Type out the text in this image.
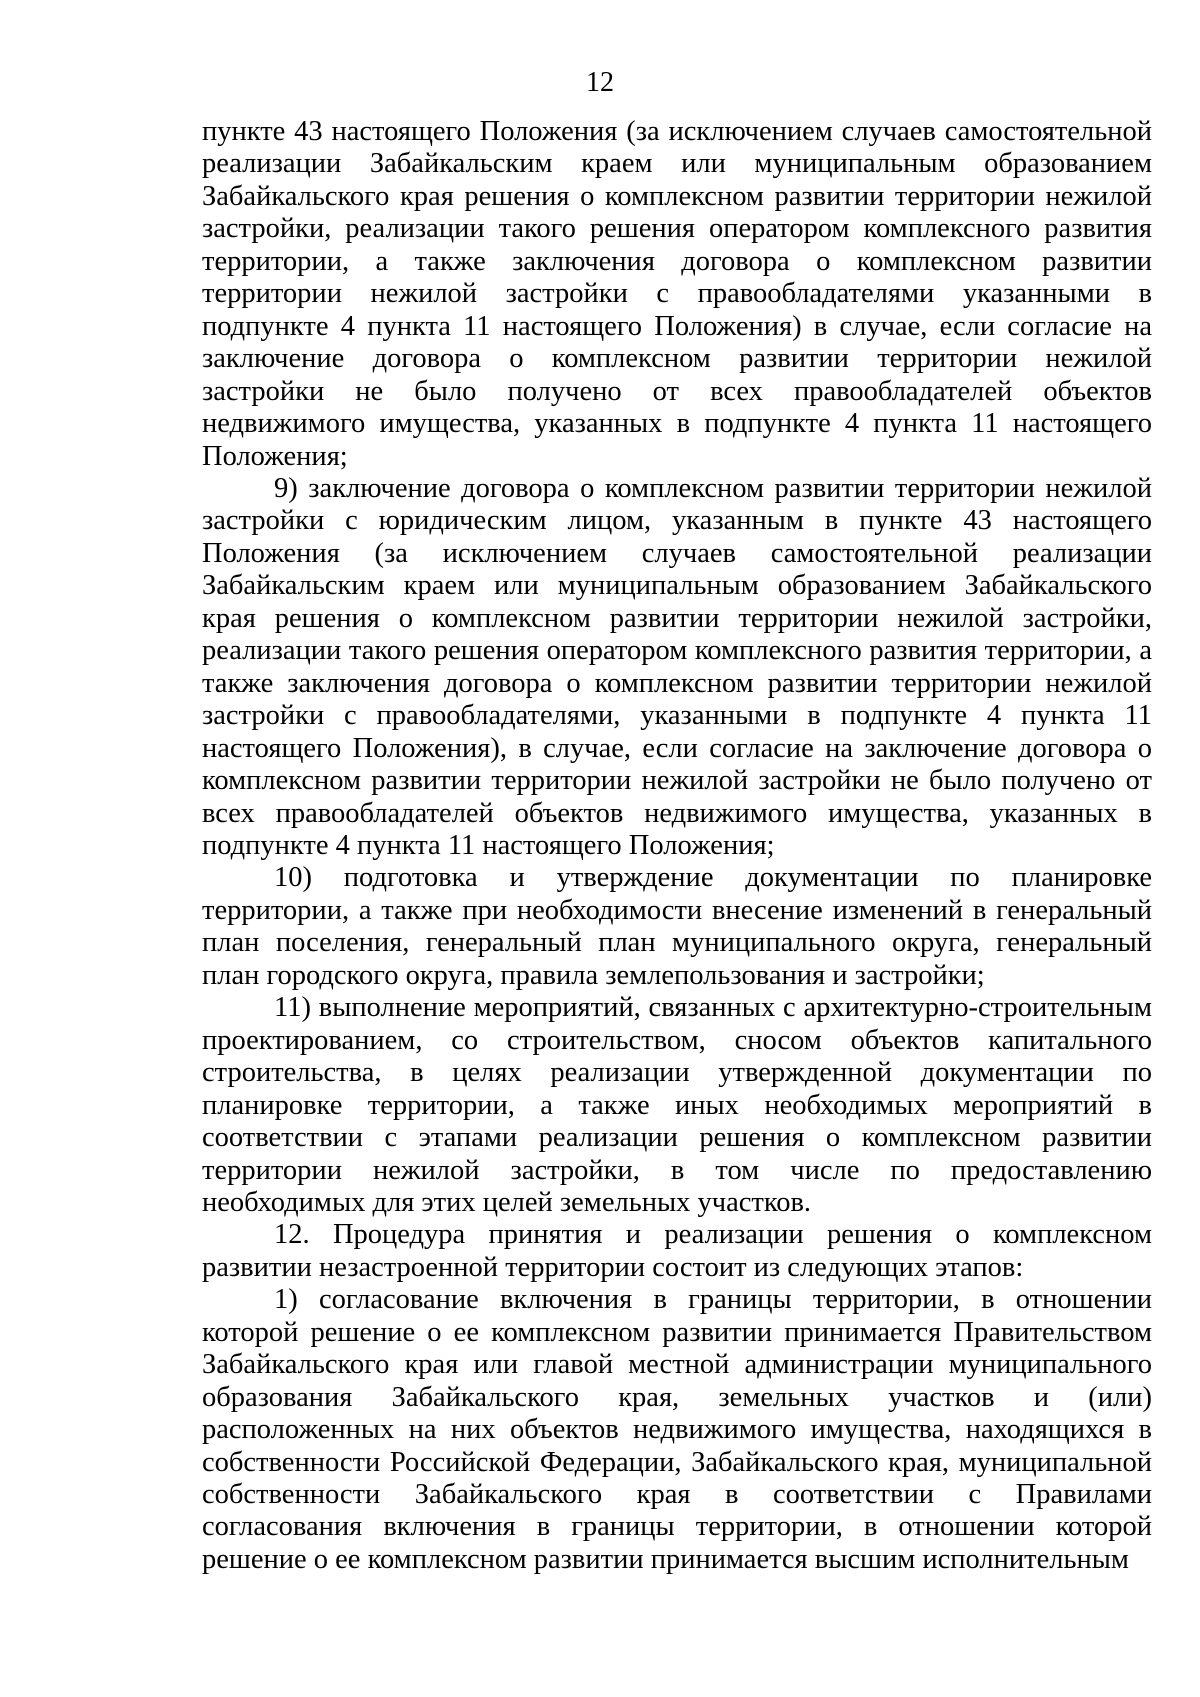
12

пункте 43 настоящего Положения (за исключением случаев самостоятельной реализации Забайкальским краем или муниципальным образованием Забайкальского края решения о комплексном развитии территории нежилой застройки, реализации такого решения оператором комплексного развития территории, а также заключения договора о комплексном развитии территории нежилой застройки с правообладателями указанными в подпункте 4 пункта 11 настоящего Положения) в случае, если согласие на заключение договора о комплексном развитии территории нежилой застройки не было получено от всех правообладателей объектов недвижимого имущества, указанных в подпункте 4 пункта 11 настоящего Положения;

9) заключение договора о комплексном развитии территории нежилой застройки с юридическим лицом, указанным в пункте 43 настоящего Положения (за исключением случаев самостоятельной реализации Забайкальским краем или муниципальным образованием Забайкальского края решения о комплексном развитии территории нежилой застройки, реализации такого решения оператором комплексного развития территории, а также заключения договора о комплексном развитии территории нежилой застройки с правообладателями, указанными в подпункте 4 пункта 11 настоящего Положения), в случае, если согласие на заключение договора о комплексном развитии территории нежилой застройки не было получено от всех правообладателей объектов недвижимого имущества, указанных в подпункте 4 пункта 11 настоящего Положения;

10) подготовка и утверждение документации по планировке территории, а также при необходимости внесение изменений в генеральный план поселения, генеральный план муниципального округа, генеральный план городского округа, правила землепользования и застройки;

11) выполнение мероприятий, связанных с архитектурно-строительным проектированием, со строительством, сносом объектов капитального строительства, в целях реализации утвержденной документации по планировке территории, а также иных необходимых мероприятий в соответствии с этапами реализации решения о комплексном развитии территории нежилой застройки, в том числе по предоставлению необходимых для этих целей земельных участков.

12. Процедура принятия и реализации решения о комплексном развитии незастроенной территории состоит из следующих этапов:

1) согласование включения в границы территории, в отношении которой решение о ее комплексном развитии принимается Правительством Забайкальского края или главой местной администрации муниципального образования Забайкальского края, земельных участков и (или) расположенных на них объектов недвижимого имущества, находящихся в собственности Российской Федерации, Забайкальского края, муниципальной собственности Забайкальского края в соответствии с Правилами согласования включения в границы территории, в отношении которой решение о ее комплексном развитии принимается высшим исполнительным
